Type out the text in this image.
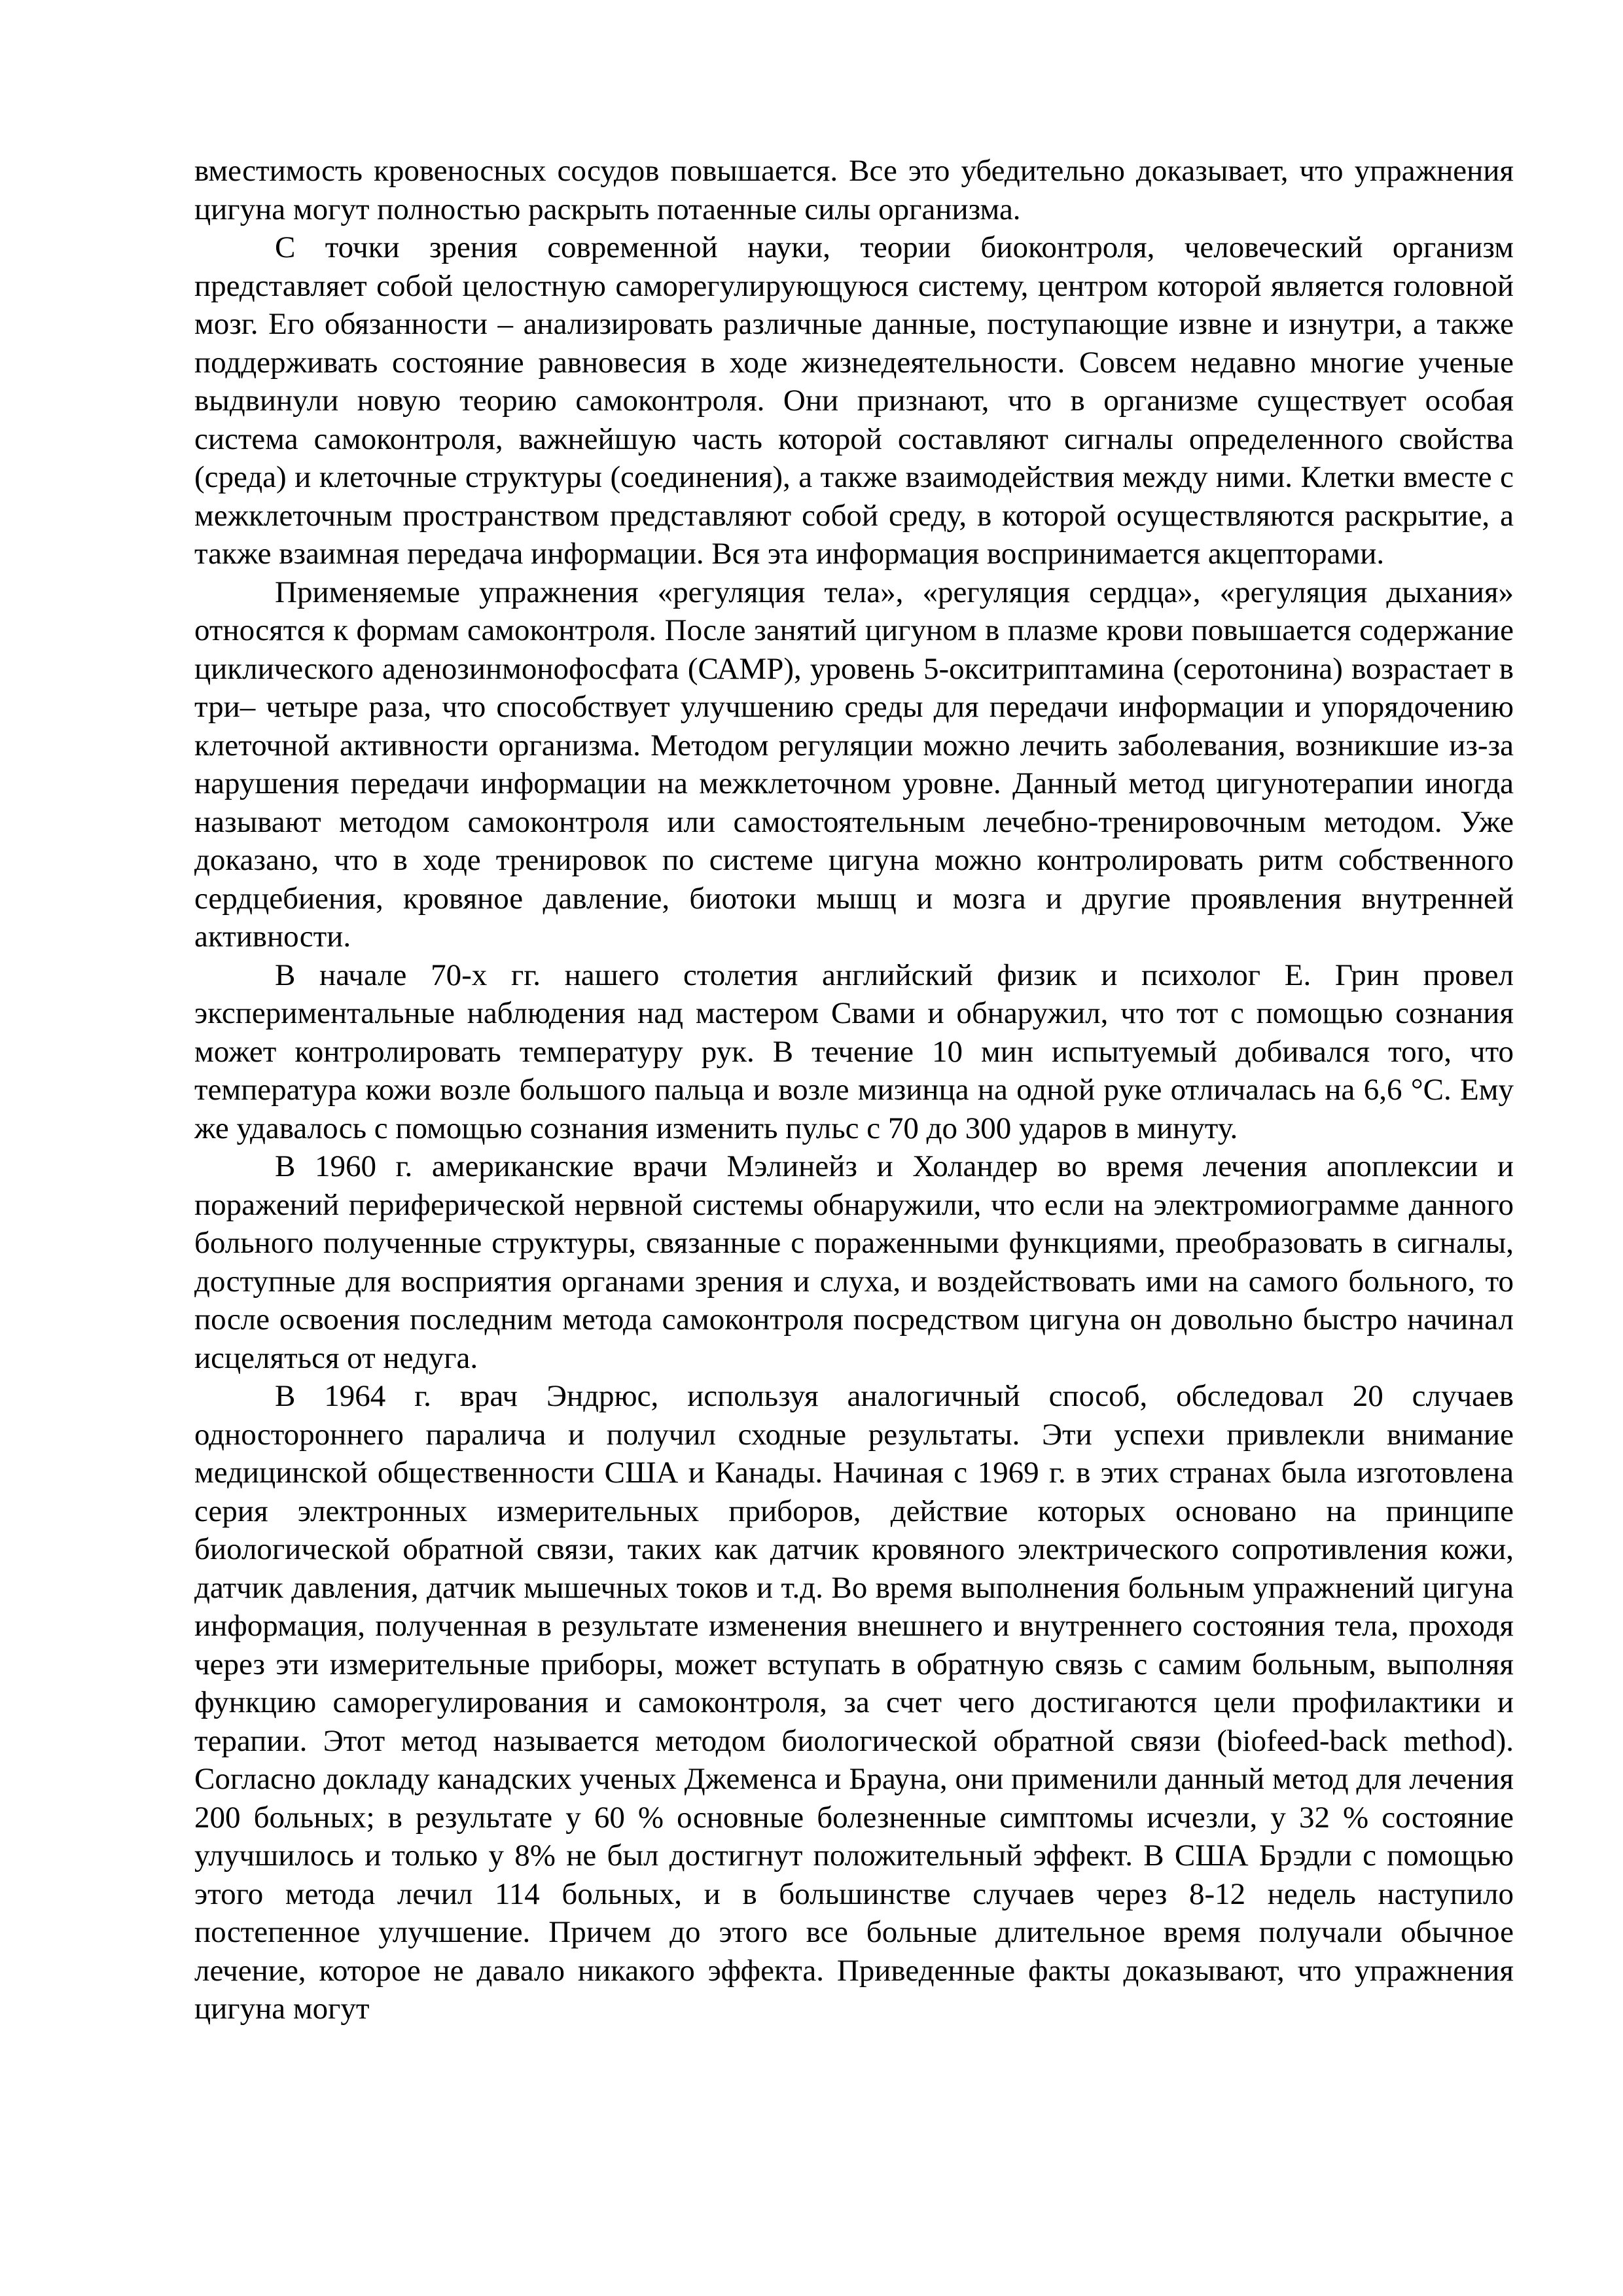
вместимость кровеносных сосудов повышается. Все это убедительно доказывает, что упражнения цигуна могут полностью раскрыть потаенные силы организма.

С точки зрения современной науки, теории биоконтроля, человеческий организм представляет собой целостную саморегулирующуюся систему, центром которой является головной мозг. Его обязанности – анализировать различные данные, поступающие извне и изнутри, а также поддерживать состояние равновесия в ходе жизнедеятельности. Совсем недавно многие ученые выдвинули новую теорию самоконтроля. Они признают, что в организме существует особая система самоконтроля, важнейшую часть которой составляют сигналы определенного свойства (среда) и клеточные структуры (соединения), а также взаимодействия между ними. Клетки вместе с межклеточным пространством представляют собой среду, в которой осуществляются раскрытие, а также взаимная передача информации. Вся эта информация воспринимается акцепторами.

Применяемые упражнения «регуляция тела», «регуляция сердца», «регуляция дыхания» относятся к формам самоконтроля. После занятий цигуном в плазме крови повышается содержание циклического аденозинмонофосфата (САМР), уровень 5-окситриптамина (серотонина) возрастает в три– четыре раза, что способствует улучшению среды для передачи информации и упорядочению клеточной активности организма. Методом регуляции можно лечить заболевания, возникшие из-за нарушения передачи информации на межклеточном уровне. Данный метод цигунотерапии иногда называют методом самоконтроля или самостоятельным лечебно-тренировочным методом. Уже доказано, что в ходе тренировок по системе цигуна можно контролировать ритм собственного сердцебиения, кровяное давление, биотоки мышц и мозга и другие проявления внутренней активности.

В начале 70-х гг. нашего столетия английский физик и психолог Е. Грин провел экспериментальные наблюдения над мастером Свами и обнаружил, что тот с помощью сознания может контролировать температуру рук. В течение 10 мин испытуемый добивался того, что температура кожи возле большого пальца и возле мизинца на одной руке отличалась на 6,6 °С. Ему же удавалось с помощью сознания изменить пульс с 70 до 300 ударов в минуту.

В 1960 г. американские врачи Мэлинейз и Холандер во время лечения апоплексии и поражений периферической нервной системы обнаружили, что если на электромиограмме данного больного полученные структуры, связанные с пораженными функциями, преобразовать в сигналы, доступные для восприятия органами зрения и слуха, и воздействовать ими на самого больного, то после освоения последним метода самоконтроля посредством цигуна он довольно быстро начинал исцеляться от недуга.

В 1964 г. врач Эндрюс, используя аналогичный способ, обследовал 20 случаев одностороннего паралича и получил сходные результаты. Эти успехи привлекли внимание медицинской общественности США и Канады. Начиная с 1969 г. в этих странах была изготовлена серия электронных измерительных приборов, действие которых основано на принципе биологической обратной связи, таких как датчик кровяного электрического сопротивления кожи, датчик давления, датчик мышечных токов и т.д. Во время выполнения больным упражнений цигуна информация, полученная в результате изменения внешнего и внутреннего состояния тела, проходя через эти измерительные приборы, может вступать в обратную связь с самим больным, выполняя функцию саморегулирования и самоконтроля, за счет чего достигаются цели профилактики и терапии. Этот метод называется методом биологической обратной связи (biofeed-back method). Согласно докладу канадских ученых Джеменса и Брауна, они применили данный метод для лечения 200 больных; в результате у 60 % основные болезненные симптомы исчезли, у 32 % состояние улучшилось и только у 8% не был достигнут положительный эффект. В США Брэдли с помощью этого метода лечил 114 больных, и в большинстве случаев через 8-12 недель наступило постепенное улучшение. Причем до этого все больные длительное время получали обычное лечение, которое не давало никакого эффекта. Приведенные факты доказывают, что упражнения цигуна могут
